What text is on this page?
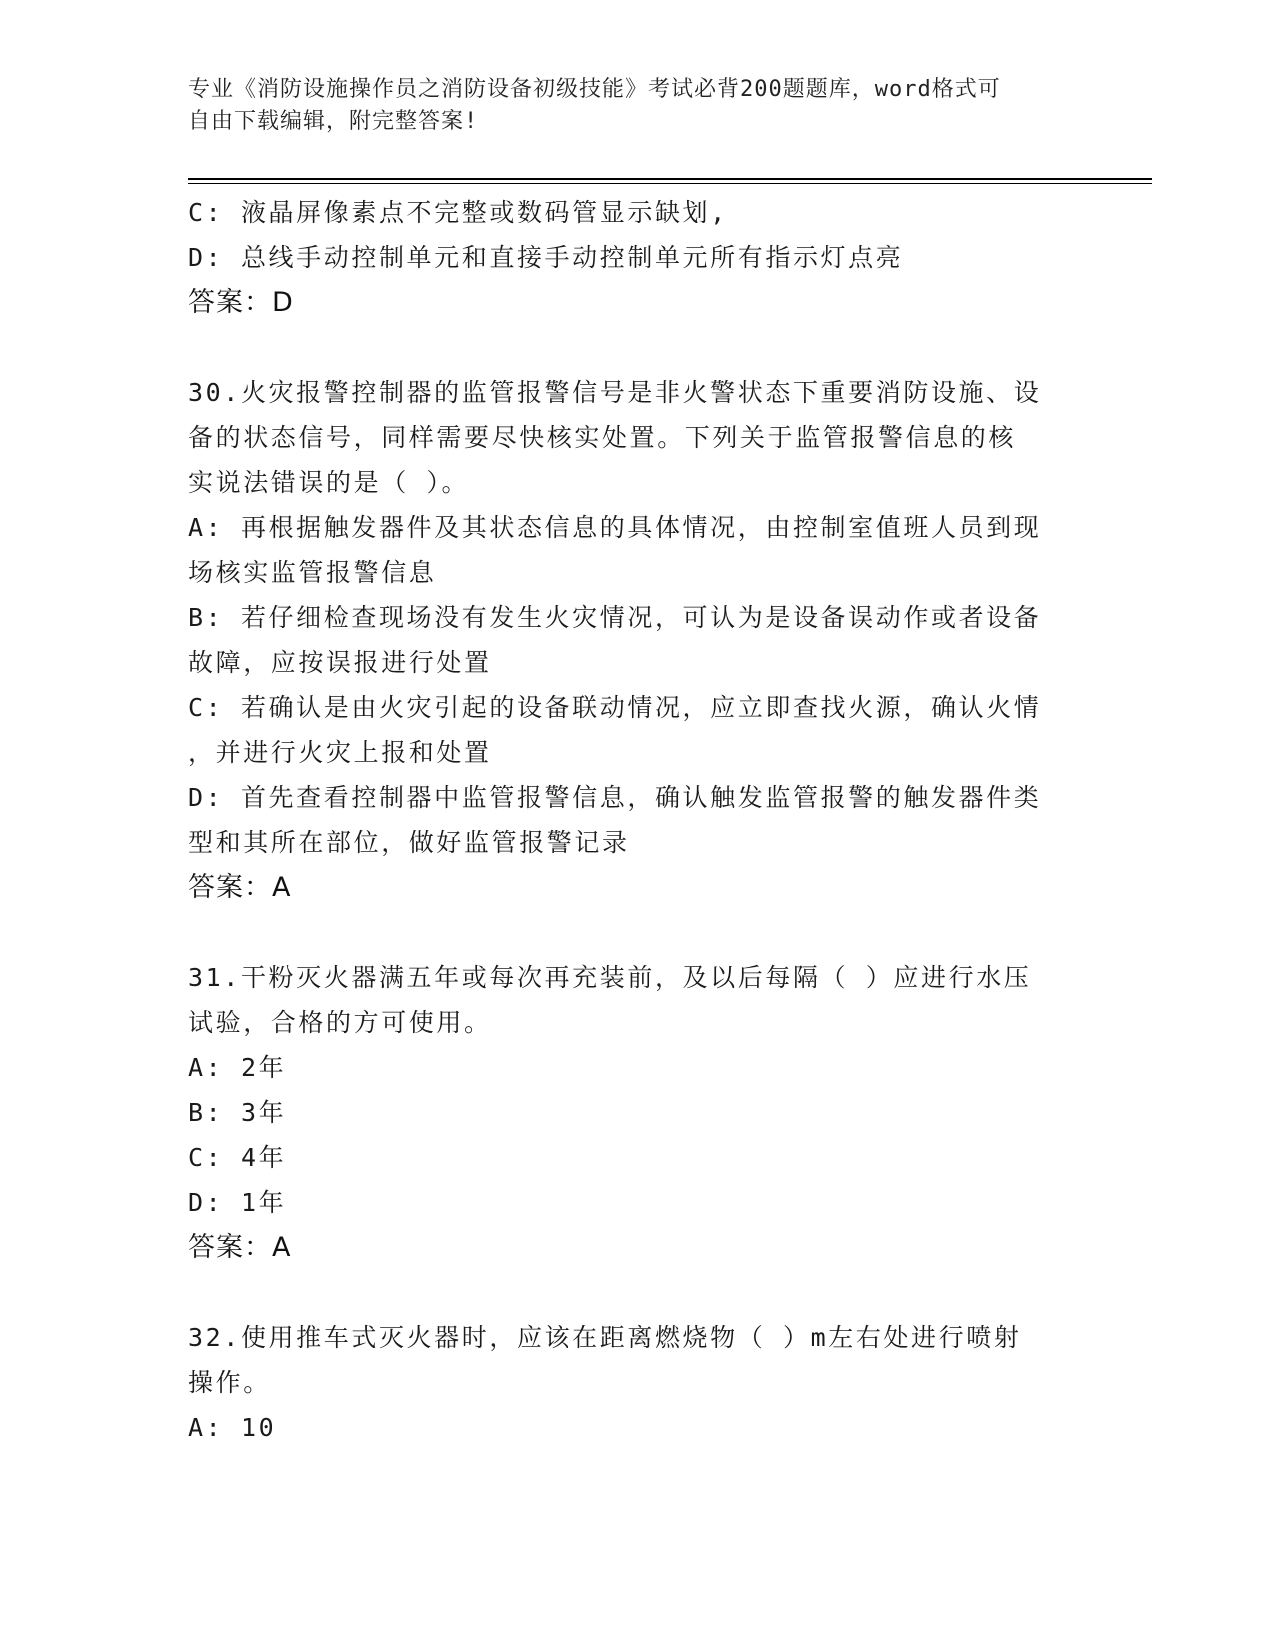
专业《消防设施操作员之消防设备初级技能》考试必背200题题库，word格式可
自由下载编辑，附完整答案!
C: 液晶屏像素点不完整或数码管显示缺划,
D: 总线手动控制单元和直接手动控制单元所有指示灯点亮
答案：D
30.火灾报警控制器的监管报警信号是非火警状态下重要消防设施、设
备的状态信号，同样需要尽快核实处置。下列关于监管报警信息的核
实说法错误的是（ ）。
A: 再根据触发器件及其状态信息的具体情况，由控制室值班人员到现
场核实监管报警信息
B: 若仔细检查现场没有发生火灾情况，可认为是设备误动作或者设备
故障，应按误报进行处置
C: 若确认是由火灾引起的设备联动情况，应立即查找火源，确认火情
，并进行火灾上报和处置
D: 首先查看控制器中监管报警信息，确认触发监管报警的触发器件类
型和其所在部位，做好监管报警记录
答案：A
31.干粉灭火器满五年或每次再充装前，及以后每隔（ ）应进行水压
试验，合格的方可使用。
A: 2年
B: 3年
C: 4年
D: 1年
答案：A
32.使用推车式灭火器时，应该在距离燃烧物（ ）m左右处进行喷射
操作。
A: 10
